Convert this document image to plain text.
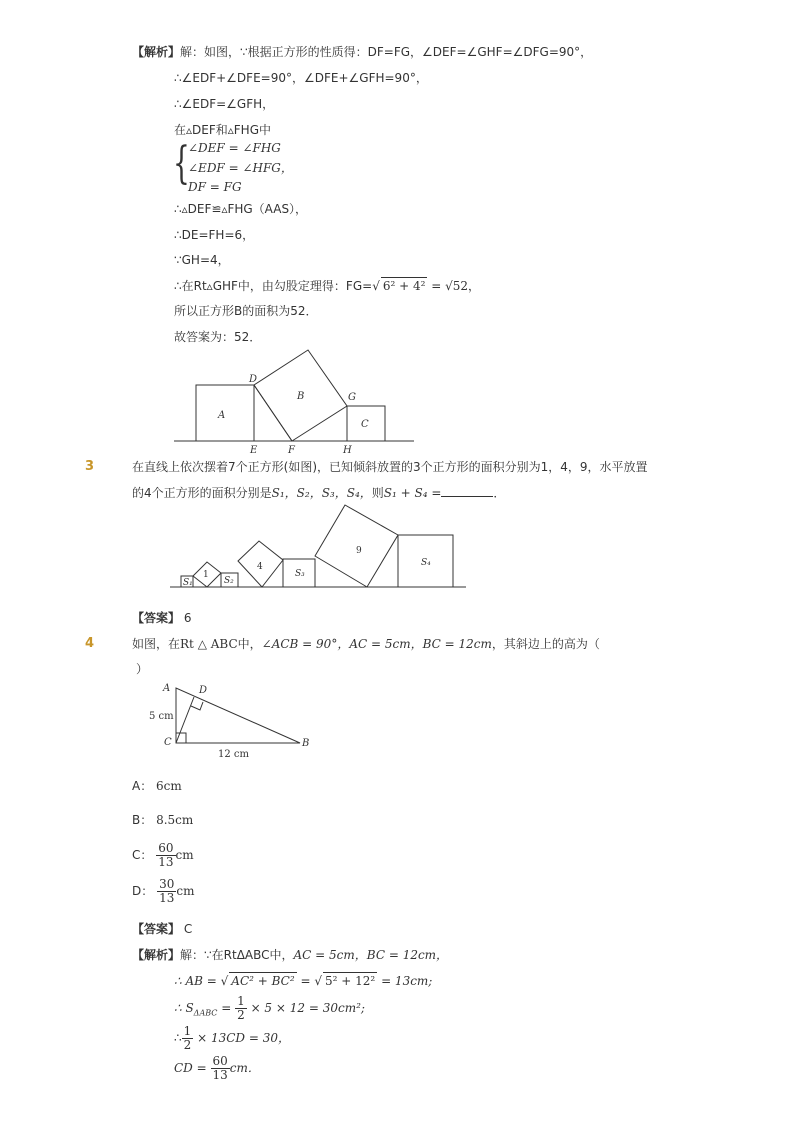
【解析】解：如图，∵根据正方形的性质得：DF=FG，∠DEF=∠GHF=∠DFG=90°，
∴∠EDF+∠DFE=90°，∠DFE+∠GFH=90°，
∴∠EDF=∠GFH，
在▵DEF和▵FHG中
{
∠DEF = ∠FHG
∠EDF = ∠HFG，
DF = FG
∴▵DEF≌▵FHG（AAS），
∴DE=FH=6，
∵GH=4，
∴在Rt▵GHF中，由勾股定理得：FG=√ 6² + 4² = √52，
所以正方形B的面积为52．
故答案为：52．
A
B
C
D
E	F
G
H
3	在直线上依次摆着7个正方形(如图)，已知倾斜放置的3个正方形的面积分别为1，4，9，水平放置
的4个正方形的面积分别是S₁，S₂，S₃，S₄，则S₁ + S₄ =	．
S₁
1
S₂
4
S₃
9
S₄
【答案】 6
4	如图，在Rt △ ABC中，∠ACB = 90°，AC = 5cm，BC = 12cm，其斜边上的高为（
）
A	D
C	B
5 cm
12 cm
A： 6cm
B： 8.5cm
C： $\frac{60}{13}$ cm
D： $\frac{30}{13}$ cm
【答案】 C
【解析】解：∵在RtΔABC中，AC = 5cm，BC = 12cm，
∴ AB = √ AC² + BC² = √ 5² + 12² = 13cm;
∴ $S_{\Delta ABC} = \frac{1}{2} \times 5 \times 12 = 30cm^2$;
∴ $\frac{1}{2} \times 13CD = 30$，
CD = $\frac{60}{13}$ cm．
